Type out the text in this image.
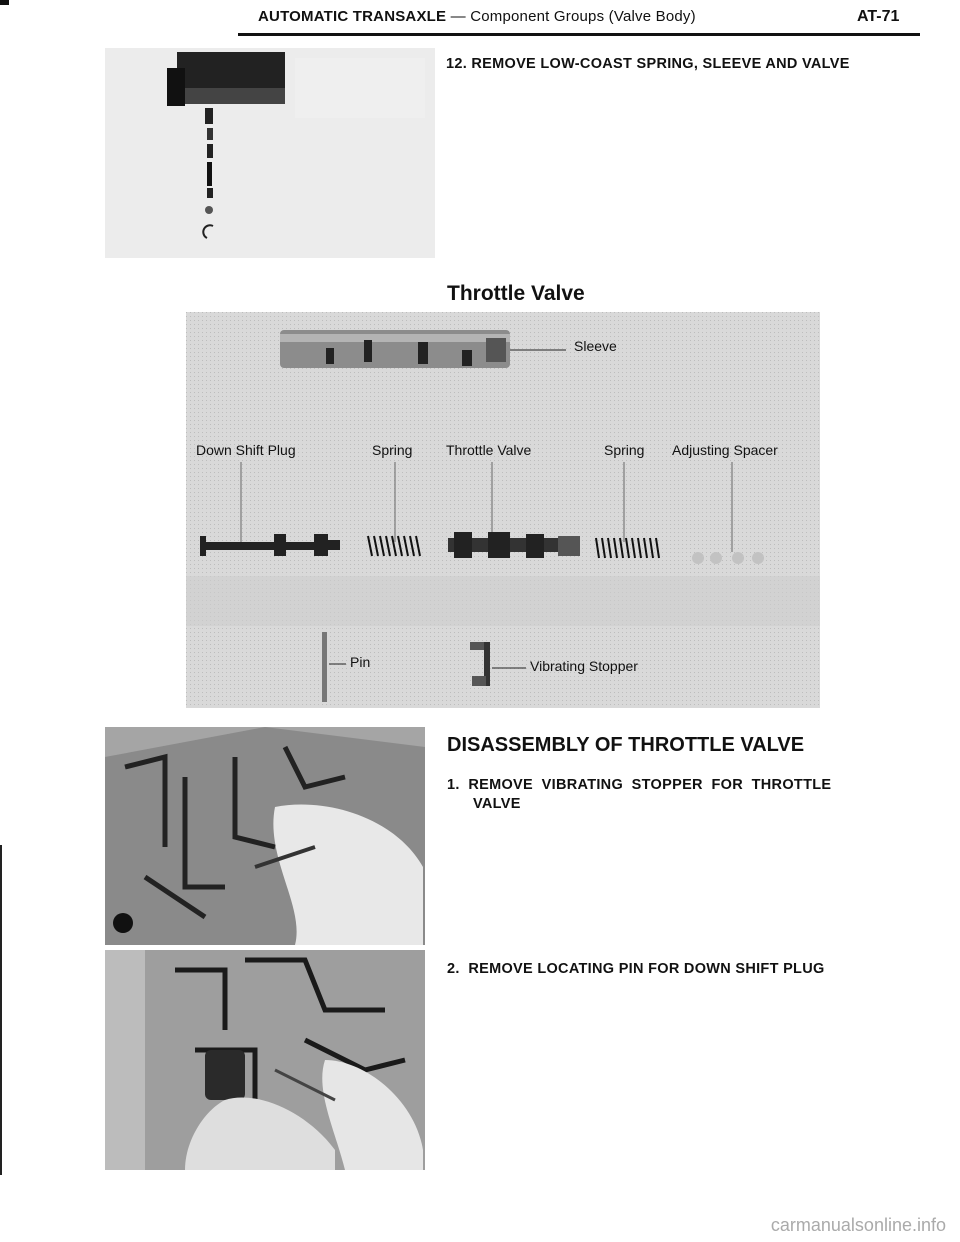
AUTOMATIC TRANSAXLE — Component Groups (Valve Body)	AT-71
12. REMOVE LOW-COAST SPRING, SLEEVE AND VALVE
Throttle Valve
Sleeve
Down Shift Plug	Spring Throttle Valve	Spring Adjusting Spacer
Pin	Vibrating Stopper
DISASSEMBLY OF THROTTLE VALVE
1.  REMOVE  VIBRATING  STOPPER  FOR  THROTTLE
VALVE
2.  REMOVE LOCATING PIN FOR DOWN SHIFT PLUG
carmanualsonline.info
